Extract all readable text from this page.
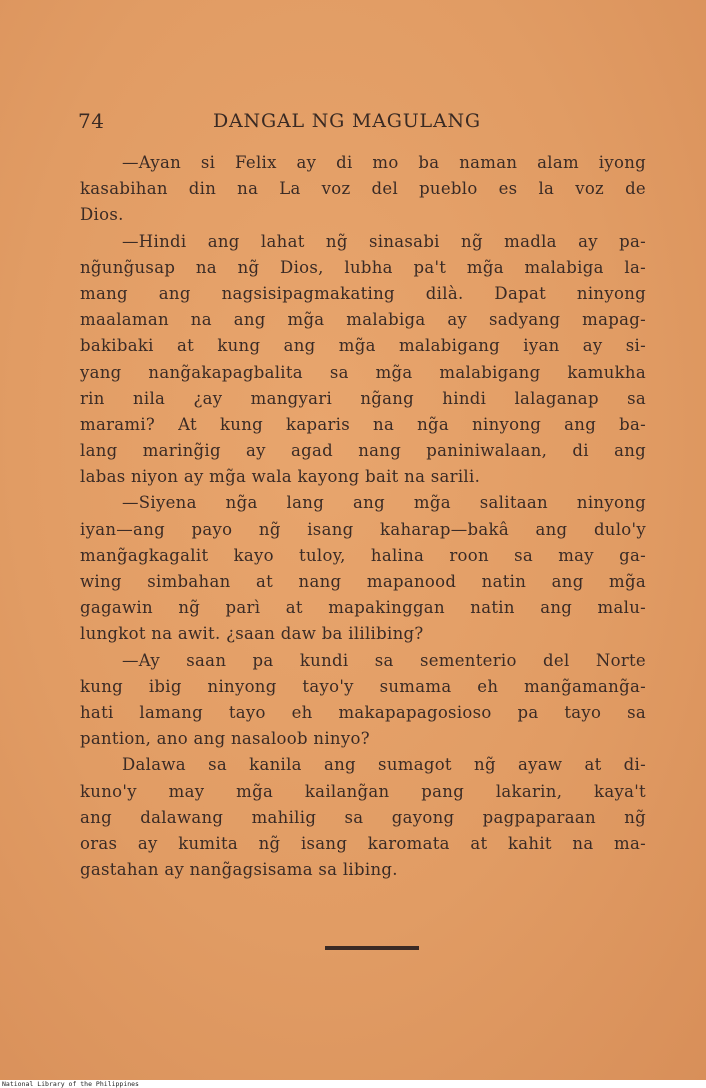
74	DANGAL NG MAGULANG
—Ayan si Felix ay di mo ba naman alam iyong
kasabihan din na La voz del pueblo es la voz de
Dios.
—Hindi ang lahat ng̃ sinasabi ng̃ madla ay pa-
ng̃ung̃usap na ng̃ Dios, lubha pa't mg̃a malabiga la-
mang ang nagsisipagmakating dilà. Dapat ninyong
maalaman na ang mg̃a malabiga ay sadyang mapag-
bakibaki at kung ang mg̃a malabigang iyan ay si-
yang nang̃akapagbalita sa mg̃a malabigang kamukha
rin nila ¿ay mangyari ng̃ang hindi lalaganap sa
marami? At kung kaparis na ng̃a ninyong ang ba-
lang maring̃ig ay agad nang paniniwalaan, di ang
labas niyon ay mg̃a wala kayong bait na sarili.
—Siyena ng̃a lang ang mg̃a salitaan ninyong
iyan—ang payo ng̃ isang kaharap—bakâ ang dulo'y
mang̃agkagalit kayo tuloy, halina roon sa may ga-
wing simbahan at nang mapanood natin ang mg̃a
gagawin ng̃ parì at mapakinggan natin ang malu-
lungkot na awit. ¿saan daw ba ililibing?
—Ay saan pa kundi sa sementerio del Norte
kung ibig ninyong tayo'y sumama eh mang̃amang̃a-
hati lamang tayo eh makapapagosioso pa tayo sa
pantion, ano ang nasaloob ninyo?
Dalawa sa kanila ang sumagot ng̃ ayaw at di-
kuno'y may mg̃a kailang̃an pang lakarin, kaya't
ang dalawang mahilig sa gayong pagpaparaan ng̃
oras ay kumita ng̃ isang karomata at kahit na ma-
gastahan ay nang̃agsisama sa libing.
National Library of the Philippines
